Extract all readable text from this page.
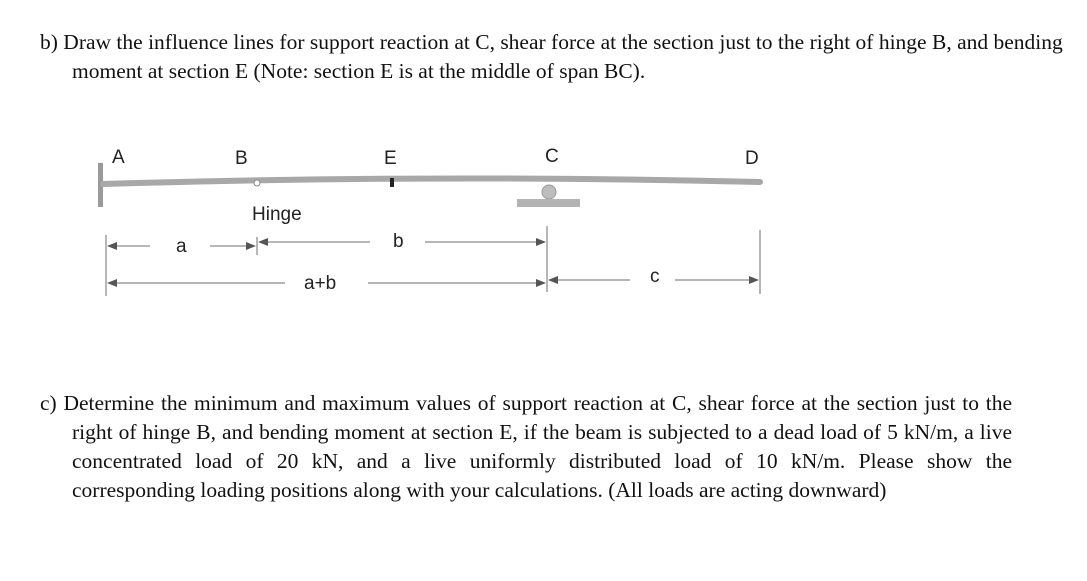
b) Draw the influence lines for support reaction at C, shear force at the section just to the right of hinge B, and bending moment at section E (Note: section E is at the middle of span BC).
A	B	E	C	D
Hinge
a	b
a+b	c
c) Determine the minimum and maximum values of support reaction at C, shear force at the section just to the right of hinge B, and bending moment at section E, if the beam is subjected to a dead load of 5 kN/m, a live concentrated load of 20 kN, and a live uniformly distributed load of 10 kN/m. Please show the corresponding loading positions along with your calculations. (All loads are acting downward)
